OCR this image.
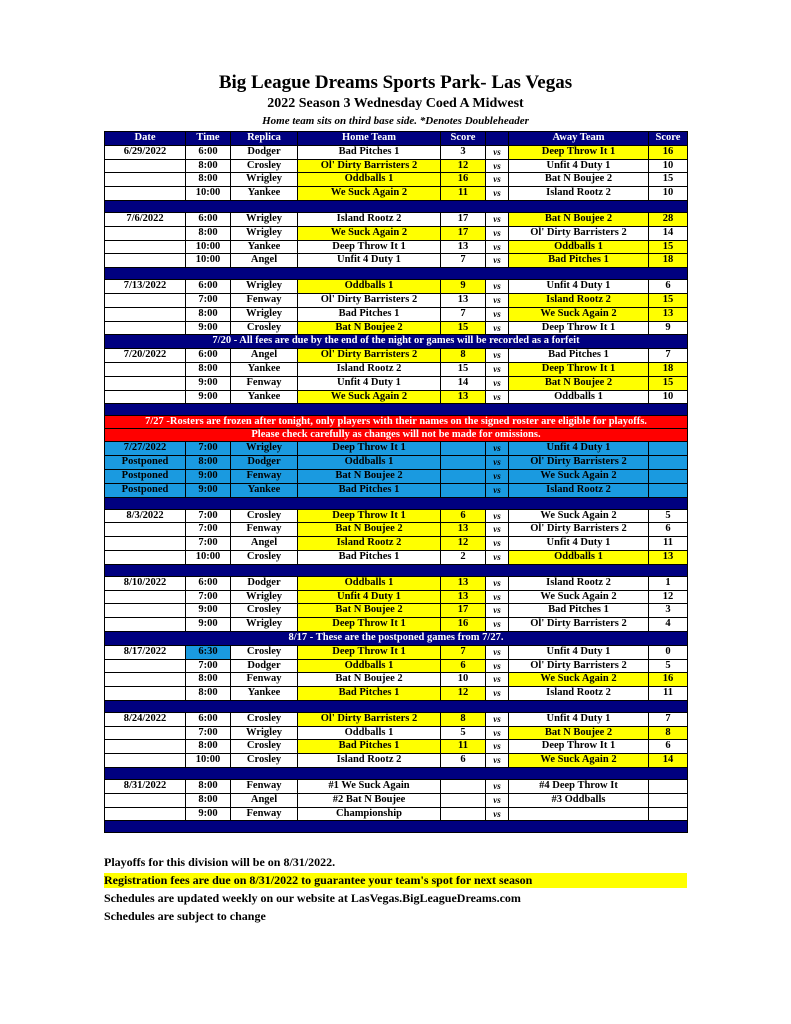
Big League Dreams Sports Park- Las Vegas
2022 Season 3 Wednesday Coed A Midwest
Home team sits on third base side. *Denotes Doubleheader
Date	Time	Replica	Home Team	Score		Away Team	Score
6/29/2022	6:00	Dodger	Bad Pitches 1	3	vs	Deep Throw It 1	16
	8:00	Crosley	Ol' Dirty Barristers 2	12	vs	Unfit 4 Duty 1	10
	8:00	Wrigley	Oddballs 1	16	vs	Bat N Boujee 2	15
	10:00	Yankee	We Suck Again 2	11	vs	Island Rootz 2	10

7/6/2022	6:00	Wrigley	Island Rootz 2	17	vs	Bat N Boujee 2	28
	8:00	Wrigley	We Suck Again 2	17	vs	Ol' Dirty Barristers 2	14
	10:00	Yankee	Deep Throw It 1	13	vs	Oddballs 1	15
	10:00	Angel	Unfit 4 Duty 1	7	vs	Bad Pitches 1	18

7/13/2022	6:00	Wrigley	Oddballs 1	9	vs	Unfit 4 Duty 1	6
	7:00	Fenway	Ol' Dirty Barristers 2	13	vs	Island Rootz 2	15
	8:00	Wrigley	Bad Pitches 1	7	vs	We Suck Again 2	13
	9:00	Crosley	Bat N Boujee 2	15	vs	Deep Throw It 1	9
7/20 - All fees are due by the end of the night or games will be recorded as a forfeit							
7/20/2022	6:00	Angel	Ol' Dirty Barristers 2	8	vs	Bad Pitches 1	7
	8:00	Yankee	Island Rootz 2	15	vs	Deep Throw It 1	18
	9:00	Fenway	Unfit 4 Duty 1	14	vs	Bat N Boujee 2	15
	9:00	Yankee	We Suck Again 2	13	vs	Oddballs 1	10

7/27 -Rosters are frozen after tonight, only players with their names on the signed roster are eligible for playoffs.							
Please check carefully as changes will not be made for omissions.							
7/27/2022	7:00	Wrigley	Deep Throw It 1		vs	Unfit 4 Duty 1	
Postponed	8:00	Dodger	Oddballs 1		vs	Ol' Dirty Barristers 2	
Postponed	9:00	Fenway	Bat N Boujee 2		vs	We Suck Again 2	
Postponed	9:00	Yankee	Bad Pitches 1		vs	Island Rootz 2	

8/3/2022	7:00	Crosley	Deep Throw It 1	6	vs	We Suck Again 2	5
	7:00	Fenway	Bat N Boujee 2	13	vs	Ol' Dirty Barristers 2	6
	7:00	Angel	Island Rootz 2	12	vs	Unfit 4 Duty 1	11
	10:00	Crosley	Bad Pitches 1	2	vs	Oddballs 1	13

8/10/2022	6:00	Dodger	Oddballs 1	13	vs	Island Rootz 2	1
	7:00	Wrigley	Unfit 4 Duty 1	13	vs	We Suck Again 2	12
	9:00	Crosley	Bat N Boujee 2	17	vs	Bad Pitches 1	3
	9:00	Wrigley	Deep Throw It 1	16	vs	Ol' Dirty Barristers 2	4
8/17 - These are the postponed games from 7/27.							
8/17/2022	6:30	Crosley	Deep Throw It 1	7	vs	Unfit 4 Duty 1	0
	7:00	Dodger	Oddballs 1	6	vs	Ol' Dirty Barristers 2	5
	8:00	Fenway	Bat N Boujee 2	10	vs	We Suck Again 2	16
	8:00	Yankee	Bad Pitches 1	12	vs	Island Rootz 2	11

8/24/2022	6:00	Crosley	Ol' Dirty Barristers 2	8	vs	Unfit 4 Duty 1	7
	7:00	Wrigley	Oddballs 1	5	vs	Bat N Boujee 2	8
	8:00	Crosley	Bad Pitches 1	11	vs	Deep Throw It 1	6
	10:00	Crosley	Island Rootz 2	6	vs	We Suck Again 2	14

8/31/2022	8:00	Fenway	#1 We Suck Again		vs	#4 Deep Throw It	
	8:00	Angel	#2 Bat N Boujee		vs	#3 Oddballs	
	9:00	Fenway	Championship		vs		

Playoffs for this division will be on 8/31/2022.
Registration fees are due on 8/31/2022 to guarantee your team's spot for next season
Schedules are updated weekly on our website at LasVegas.BigLeagueDreams.com
Schedules are subject to change
